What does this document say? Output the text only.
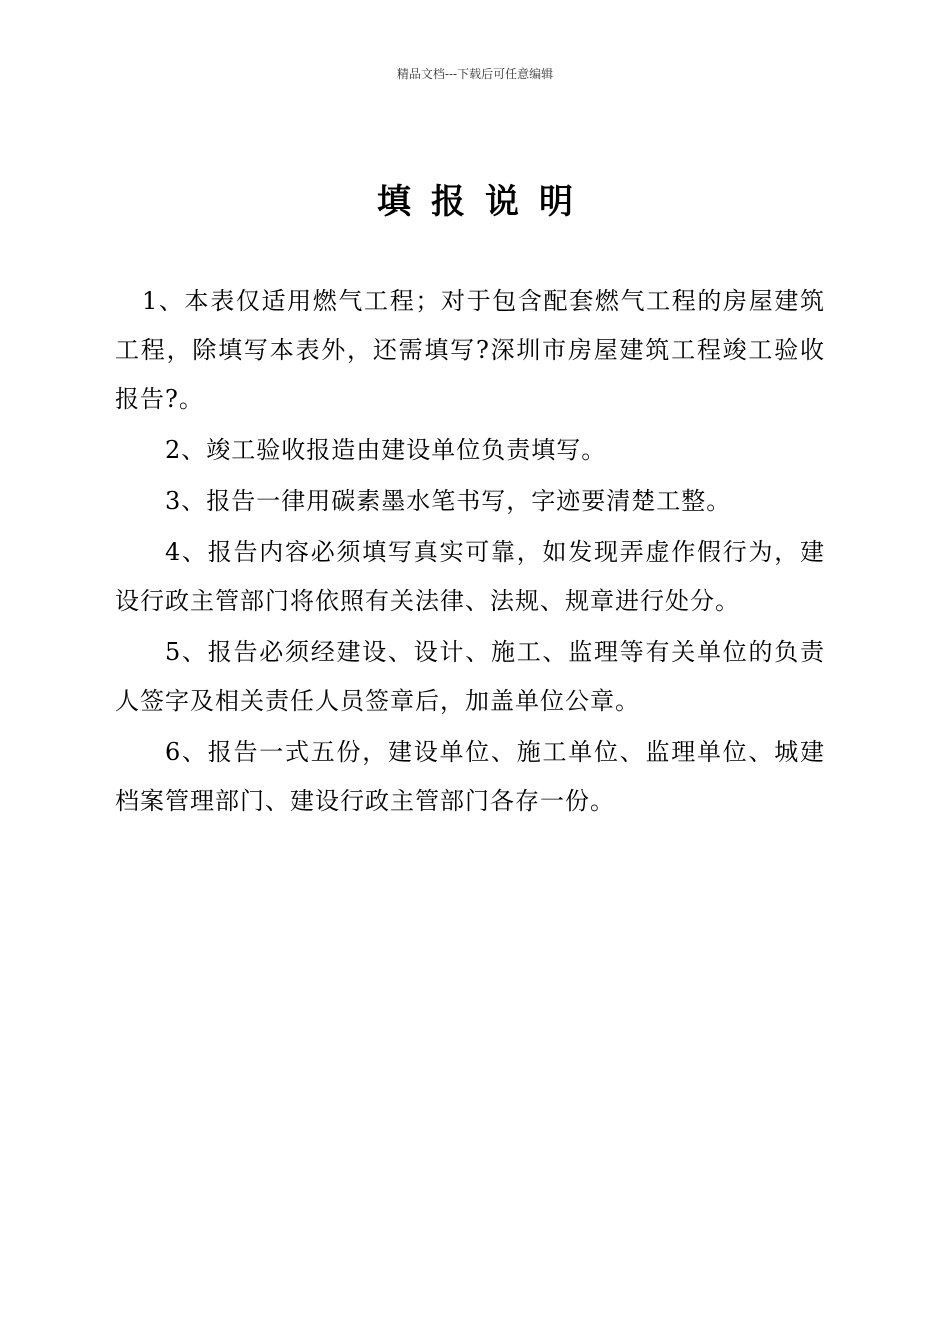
精品文档---下载后可任意编辑
填报说明

1、本表仅适用燃气工程；对于包含配套燃气工程的房屋建筑工程，除填写本表外，还需填写?深圳市房屋建筑工程竣工验收报告?。

2、竣工验收报造由建设单位负责填写。

3、报告一律用碳素墨水笔书写，字迹要清楚工整。

4、报告内容必须填写真实可靠，如发现弄虚作假行为，建设行政主管部门将依照有关法律、法规、规章进行处分。

5、报告必须经建设、设计、施工、监理等有关单位的负责人签字及相关责任人员签章后，加盖单位公章。

6、报告一式五份，建设单位、施工单位、监理单位、城建档案管理部门、建设行政主管部门各存一份。
